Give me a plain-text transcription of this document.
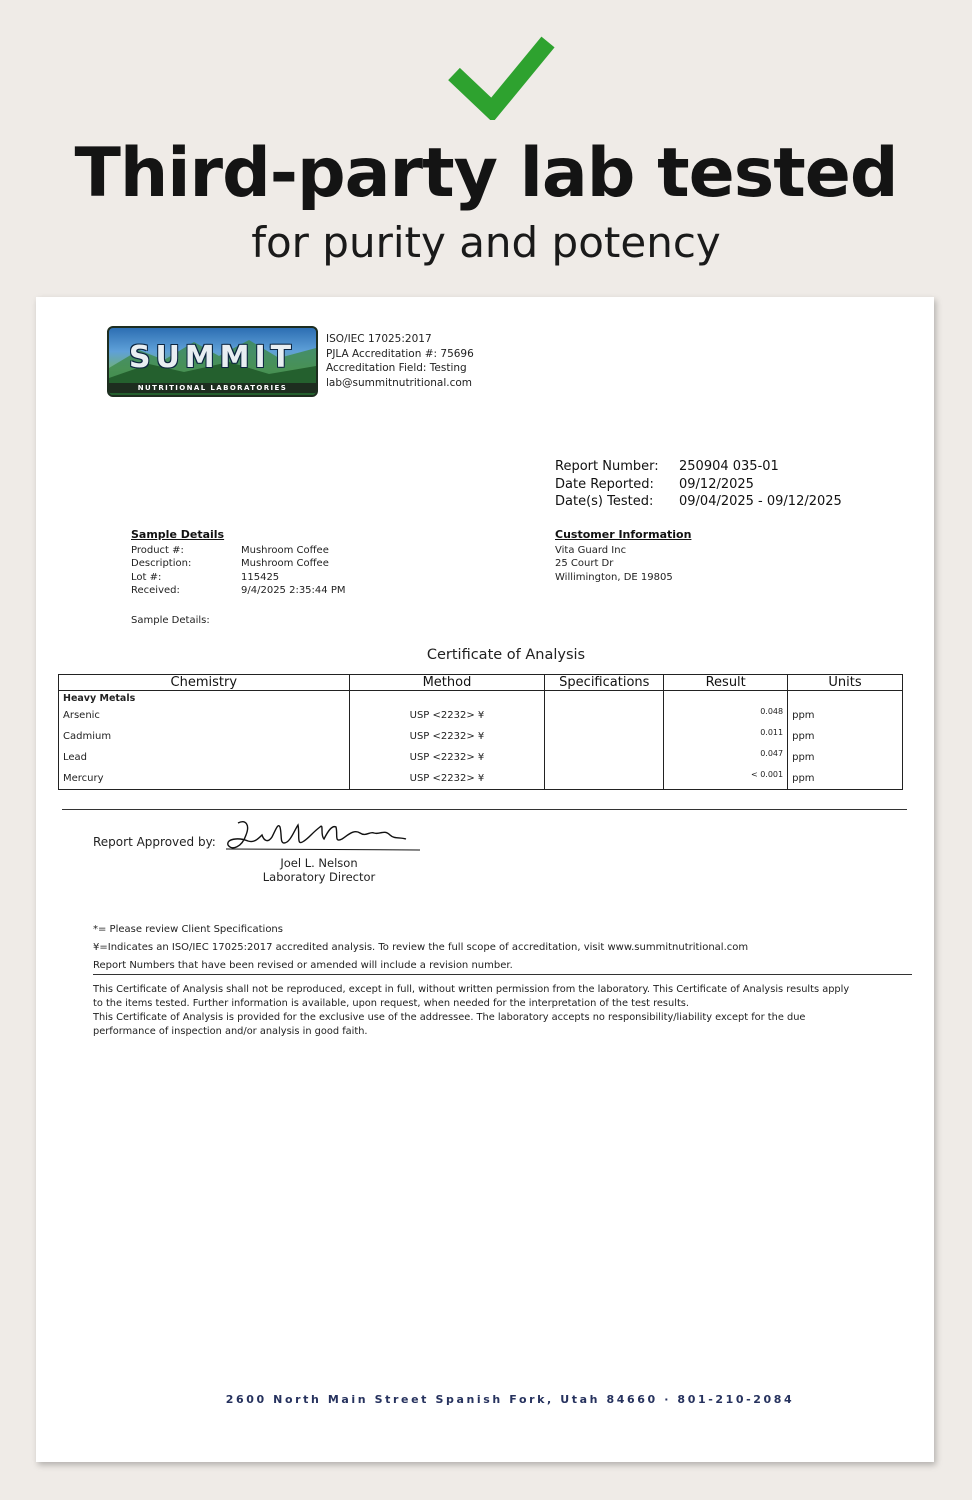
Third-party lab tested
for purity and potency
SUMMIT
NUTRITIONAL LABORATORIES
ISO/IEC 17025:2017
PJLA Accreditation #: 75696
Accreditation Field: Testing
lab@summitnutritional.com
Report Number:	250904 035-01
Date Reported:	09/12/2025
Date(s) Tested:	09/04/2025 - 09/12/2025
Sample Details
Product #:	Mushroom Coffee
Description:	Mushroom Coffee
Lot #:	115425
Received:	9/4/2025 2:35:44 PM
Customer Information
Vita Guard Inc
25 Court Dr
Willimington, DE 19805
Sample Details:
Certificate of Analysis
Chemistry	Method	Specifications	Result	Units
Heavy Metals				
Arsenic	USP <2232> ¥		0.048	ppm
Cadmium	USP <2232> ¥		0.011	ppm
Lead	USP <2232> ¥		0.047	ppm
Mercury	USP <2232> ¥		< 0.001	ppm
Report Approved by:
Joel L. Nelson
Laboratory Director
*= Please review Client Specifications
¥=Indicates an ISO/IEC 17025:2017 accredited analysis. To review the full scope of accreditation, visit www.summitnutritional.com
Report Numbers that have been revised or amended will include a revision number.
This Certificate of Analysis shall not be reproduced, except in full, without written permission from the laboratory. This Certificate of Analysis results apply
to the items tested. Further information is available, upon request, when needed for the interpretation of the test results.
This Certificate of Analysis is provided for the exclusive use of the addressee. The laboratory accepts no responsibility/liability except for the due
performance of inspection and/or analysis in good faith.
2600 North Main Street Spanish Fork, Utah 84660 · 801-210-2084
